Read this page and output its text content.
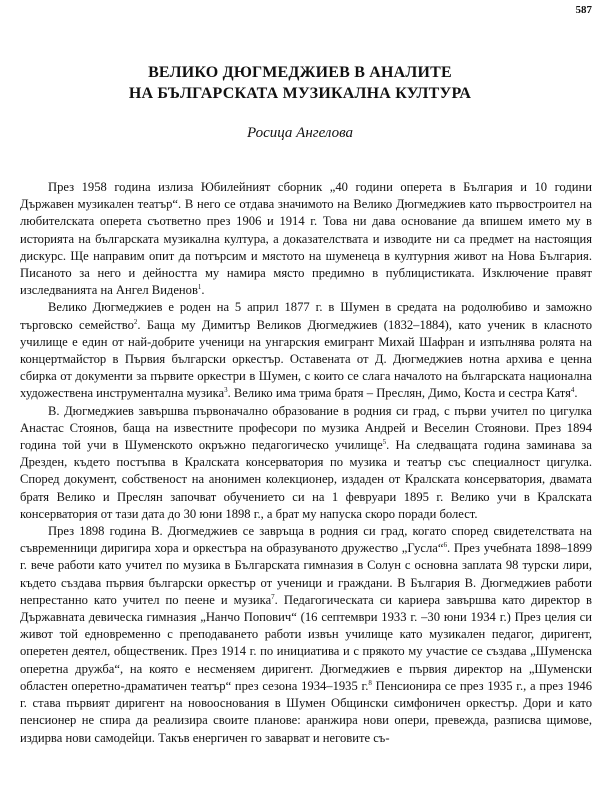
587
ВЕЛИКО ДЮГМЕДЖИЕВ В АНАЛИТЕ
НА БЪЛГАРСКАТА МУЗИКАЛНА КУЛТУРА
Росица Ангелова

През 1958 година излиза Юбилейният сборник „40 години оперета в България и 10 години Държавен музикален театър“. В него се отдава значимото на Велико Дюгмеджиев като първостроител на любителската оперета съответно през 1906 и 1914 г. Това ни дава основание да впишем името му в историята на българската музикална култура, а доказателствата и изводите ни са предмет на настоящия дискурс. Ще направим опит да потърсим и мястото на шуменеца в културния живот на Нова България. Писаното за него и дейността му намира място предимно в публицистиката. Изключение правят изследванията на Ангел Виденов$^1$.

Велико Дюгмеджиев е роден на 5 април 1877 г. в Шумен в средата на родолюбиво и заможно търговско семейство$^2$. Баща му Димитър Великов Дюгмеджиев (1832–1884), като ученик в класното училище е един от най-добрите ученици на унгарския емигрант Михай Шафран и изпълнява ролята на концертмайстор в Първия български оркестър. Оставената от Д. Дюгмеджиев нотна архива е ценна сбирка от документи за първите оркестри в Шумен, с които се слага началото на българската национална художествена инструментална музика$^3$. Велико има трима братя – Преслян, Димо, Коста и сестра Катя$^4$.

В. Дюгмеджиев завършва първоначално образование в родния си град, с първи учител по цигулка Анастас Стоянов, баща на известните професори по музика Андрей и Веселин Стоянови. През 1894 година той учи в Шуменското окръжно педагогическо училище$^5$. На следващата година заминава за Дрезден, където постъпва в Кралската консерватория по музика и театър със специалност цигулка. Според документ, собственост на анонимен колекционер, издаден от Кралската консерватория, двамата братя Велико и Преслян започват обучението си на 1 февруари 1895 г. Велико учи в Кралската консерватория от тази дата до 30 юни 1898 г., а брат му напуска скоро поради болест.

През 1898 година В. Дюгмеджиев се завръща в родния си град, когато според свидетелствата на съвременници диригира хора и оркестъра на образуваното дружество „Гусла“$^6$. През учебната 1898–1899 г. вече работи като учител по музика в Българската гимназия в Солун с основна заплата 98 турски лири, където създава първия български оркестър от ученици и граждани. В България В. Дюгмеджиев работи непрестанно като учител по пеене и музика$^7$. Педагогическата си кариера завършва като директор в Държавната девическа гимназия „Нанчо Попович“ (16 септември 1933 г. –30 юни 1934 г.) През целия си живот той едновременно с преподаването работи извън училище като музикален педагог, диригент, оперетен деятел, общественик. През 1914 г. по инициатива и с прякото му участие се създава „Шуменска оперетна дружба“, на която е несменяем диригент. Дюгмеджиев е първия директор на „Шуменски областен оперетно-драматичен театър“ през сезона 1934–1935 г.$^8$ Пенсионира се през 1935 г., а през 1946 г. става първият диригент на новооснования в Шумен Общински симфоничен оркестър. Дори и като пенсионер не спира да реализира своите планове: аранжира нови опери, превежда, разписва щимове, издирва нови самодейци. Такъв енергичен го заварват и неговите съ-
